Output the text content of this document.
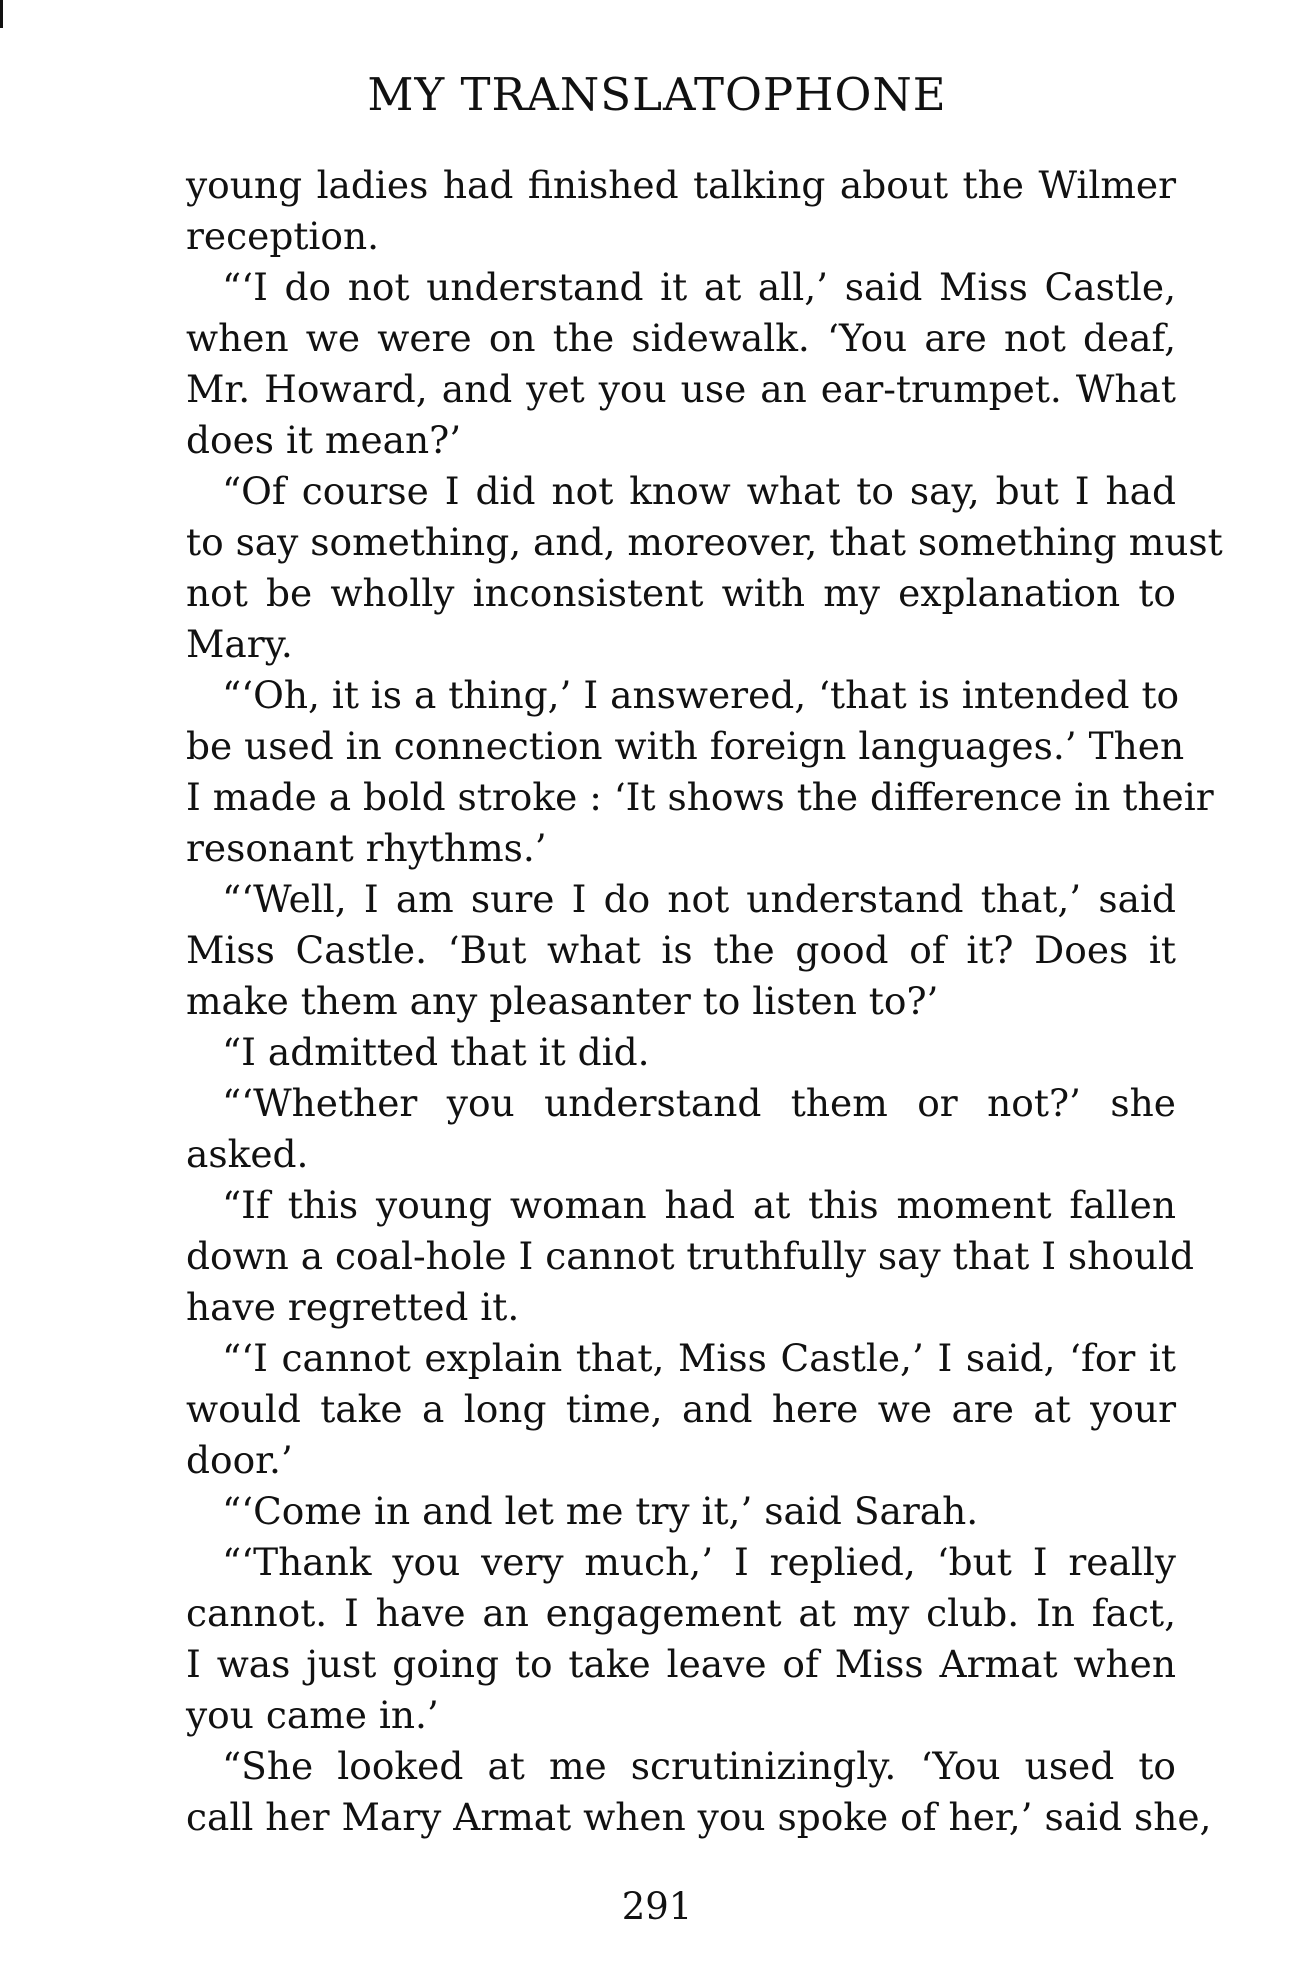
MY TRANSLATOPHONE
young ladies had finished talking about the Wilmer
reception.
“‘I do not understand it at all,’ said Miss Castle,
when we were on the sidewalk. ‘You are not deaf,
Mr. Howard, and yet you use an ear-trumpet. What
does it mean?’
“Of course I did not know what to say, but I had
to say something, and, moreover, that something must
not be wholly inconsistent with my explanation to
Mary.
“‘Oh, it is a thing,’ I answered, ‘that is intended to
be used in connection with foreign languages.’ Then
I made a bold stroke : ‘It shows the difference in their
resonant rhythms.’
“‘Well, I am sure I do not understand that,’ said
Miss Castle. ‘But what is the good of it? Does it
make them any pleasanter to listen to?’
“I admitted that it did.
“‘Whether you understand them or not?’ she
asked.
“If this young woman had at this moment fallen
down a coal-hole I cannot truthfully say that I should
have regretted it.
“‘I cannot explain that, Miss Castle,’ I said, ‘for it
would take a long time, and here we are at your
door.’
“‘Come in and let me try it,’ said Sarah.
“‘Thank you very much,’ I replied, ‘but I really
cannot. I have an engagement at my club. In fact,
I was just going to take leave of Miss Armat when
you came in.’
“She looked at me scrutinizingly. ‘You used to
call her Mary Armat when you spoke of her,’ said she,
291
